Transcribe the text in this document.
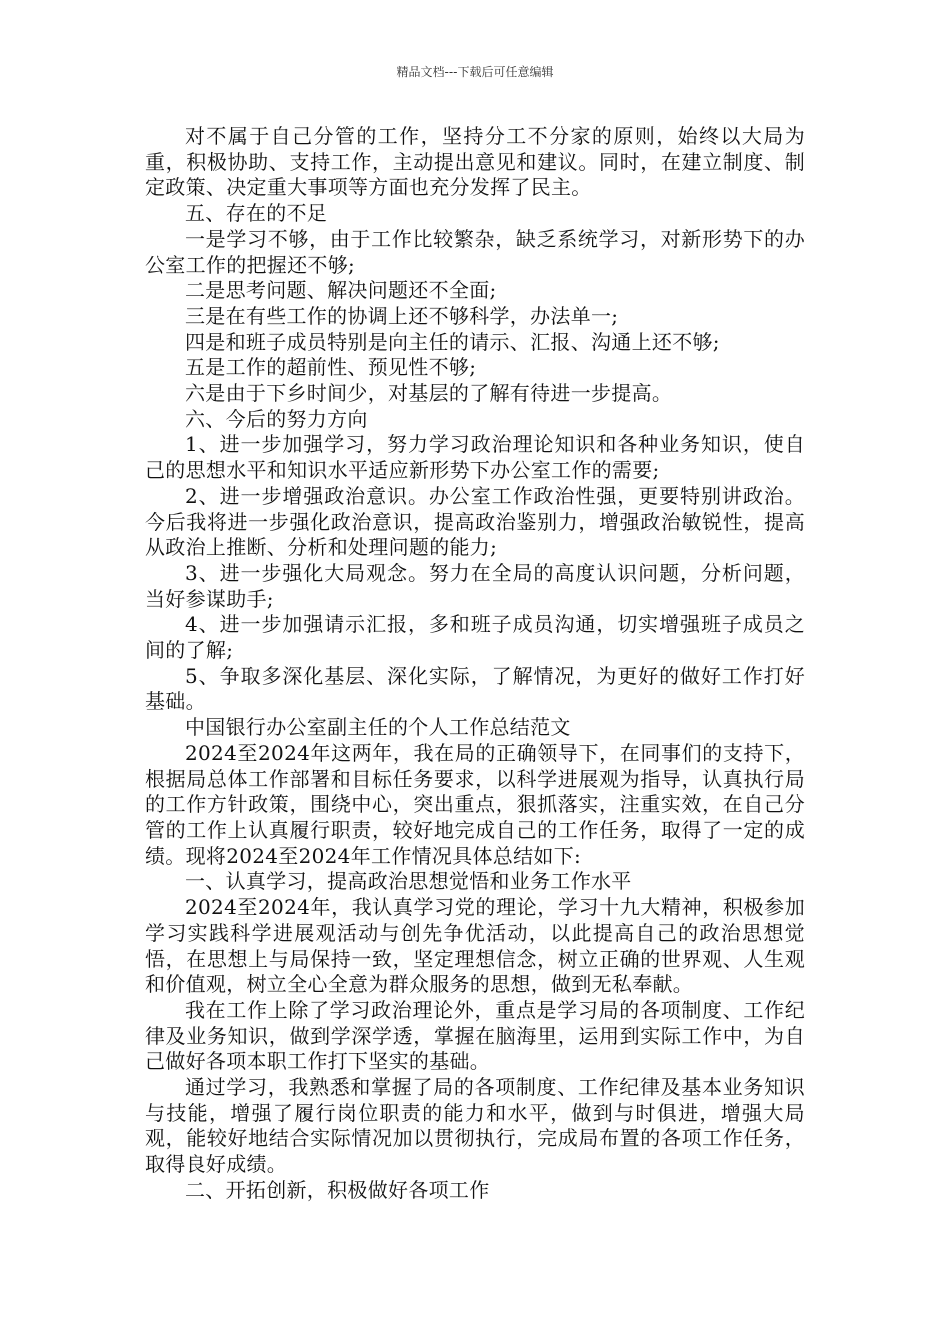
精品文档---下载后可任意编辑

对不属于自己分管的工作，坚持分工不分家的原则，始终以大局为重，积极协助、支持工作，主动提出意见和建议。同时，在建立制度、制定政策、决定重大事项等方面也充分发挥了民主。

五、存在的不足

一是学习不够，由于工作比较繁杂，缺乏系统学习，对新形势下的办公室工作的把握还不够;

二是思考问题、解决问题还不全面;

三是在有些工作的协调上还不够科学，办法单一;

四是和班子成员特别是向主任的请示、汇报、沟通上还不够;

五是工作的超前性、预见性不够;

六是由于下乡时间少，对基层的了解有待进一步提高。

六、今后的努力方向

1、进一步加强学习，努力学习政治理论知识和各种业务知识，使自己的思想水平和知识水平适应新形势下办公室工作的需要;

2、进一步增强政治意识。办公室工作政治性强，更要特别讲政治。今后我将进一步强化政治意识，提高政治鉴别力，增强政治敏锐性，提高从政治上推断、分析和处理问题的能力;

3、进一步强化大局观念。努力在全局的高度认识问题，分析问题，当好参谋助手;

4、进一步加强请示汇报，多和班子成员沟通，切实增强班子成员之间的了解;

5、争取多深化基层、深化实际，了解情况，为更好的做好工作打好基础。

中国银行办公室副主任的个人工作总结范文

2024至2024年这两年，我在局的正确领导下，在同事们的支持下，根据局总体工作部署和目标任务要求，以科学进展观为指导，认真执行局的工作方针政策，围绕中心，突出重点，狠抓落实，注重实效，在自己分管的工作上认真履行职责，较好地完成自己的工作任务，取得了一定的成绩。现将2024至2024年工作情况具体总结如下:

一、认真学习，提高政治思想觉悟和业务工作水平

2024至2024年，我认真学习党的理论，学习十九大精神，积极参加学习实践科学进展观活动与创先争优活动，以此提高自己的政治思想觉悟，在思想上与局保持一致，坚定理想信念，树立正确的世界观、人生观和价值观，树立全心全意为群众服务的思想，做到无私奉献。

我在工作上除了学习政治理论外，重点是学习局的各项制度、工作纪律及业务知识，做到学深学透，掌握在脑海里，运用到实际工作中，为自己做好各项本职工作打下坚实的基础。

通过学习，我熟悉和掌握了局的各项制度、工作纪律及基本业务知识与技能，增强了履行岗位职责的能力和水平，做到与时俱进，增强大局观，能较好地结合实际情况加以贯彻执行，完成局布置的各项工作任务，取得良好成绩。

二、开拓创新，积极做好各项工作
